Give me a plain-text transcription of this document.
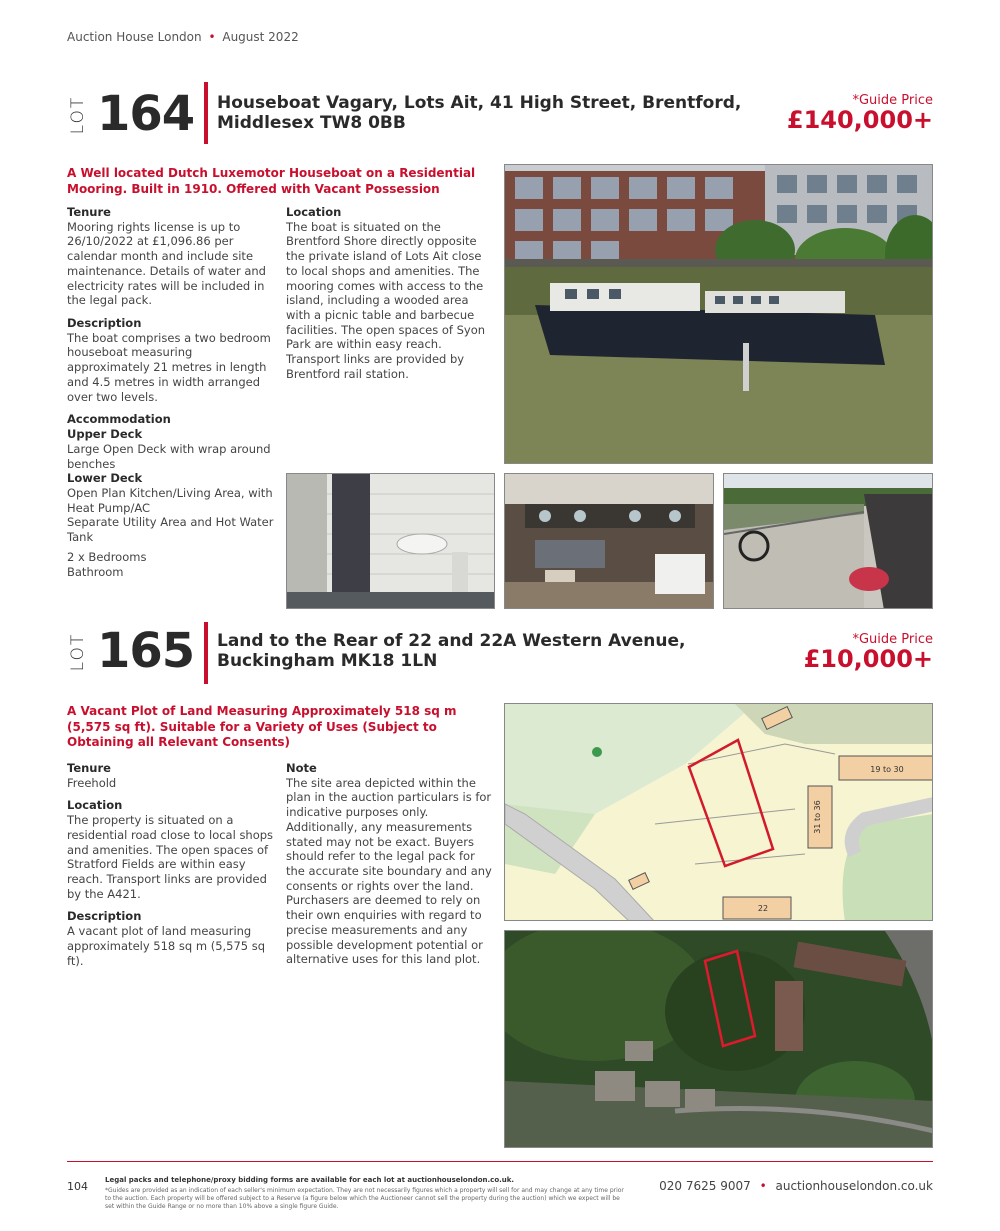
Auction House London • August 2022
LOT 164 Houseboat Vagary, Lots Ait, 41 High Street, Brentford,
Middlesex TW8 0BB
*Guide Price
£140,000+
A Well located Dutch Luxemotor Houseboat on a Residential Mooring. Built in 1910. Offered with Vacant Possession
Tenure

Mooring rights license is up to 26/10/2022 at £1,096.86 per calendar month and include site maintenance. Details of water and electricity rates will be included in the legal pack.

Description

The boat comprises a two bedroom houseboat measuring approximately 21 metres in length and 4.5 metres in width arranged over two levels.

Accommodation
Upper Deck

Large Open Deck with wrap around benches

Lower Deck

Open Plan Kitchen/Living Area, with Heat Pump/AC

Separate Utility Area and Hot Water Tank

2 x Bedrooms

Bathroom

Location

The boat is situated on the Brentford Shore directly opposite the private island of Lots Ait close to local shops and amenities. The mooring comes with access to the island, including a wooded area with a picnic table and barbecue facilities. The open spaces of Syon Park are within easy reach. Transport links are provided by Brentford rail station.

LOT 165 Land to the Rear of 22 and 22A Western Avenue,
Buckingham MK18 1LN
*Guide Price
£10,000+
A Vacant Plot of Land Measuring Approximately 518 sq m (5,575 sq ft). Suitable for a Variety of Uses (Subject to Obtaining all Relevant Consents)
Tenure

Freehold

Location

The property is situated on a residential road close to local shops and amenities. The open spaces of Stratford Fields are within easy reach. Transport links are provided by the A421.

Description

A vacant plot of land measuring approximately 518 sq m (5,575 sq ft).

Note

The site area depicted within the plan in the auction particulars is for indicative purposes only. Additionally, any measurements stated may not be exact. Buyers should refer to the legal pack for the accurate site boundary and any consents or rights over the land. Purchasers are deemed to rely on their own enquiries with regard to precise measurements and any possible development potential or alternative uses for this land plot.

19 to 30
31 to 36
22
104 Legal packs and telephone/proxy bidding forms are available for each lot at auctionhouselondon.co.uk.
*Guides are provided as an indication of each seller's minimum expectation. They are not necessarily figures which a property will sell for and may change at any time prior to the auction. Each property will be offered subject to a Reserve (a figure below which the Auctioneer cannot sell the property during the auction) which we expect will be set within the Guide Range or no more than 10% above a single figure Guide.
020 7625 9007 • auctionhouselondon.co.uk
